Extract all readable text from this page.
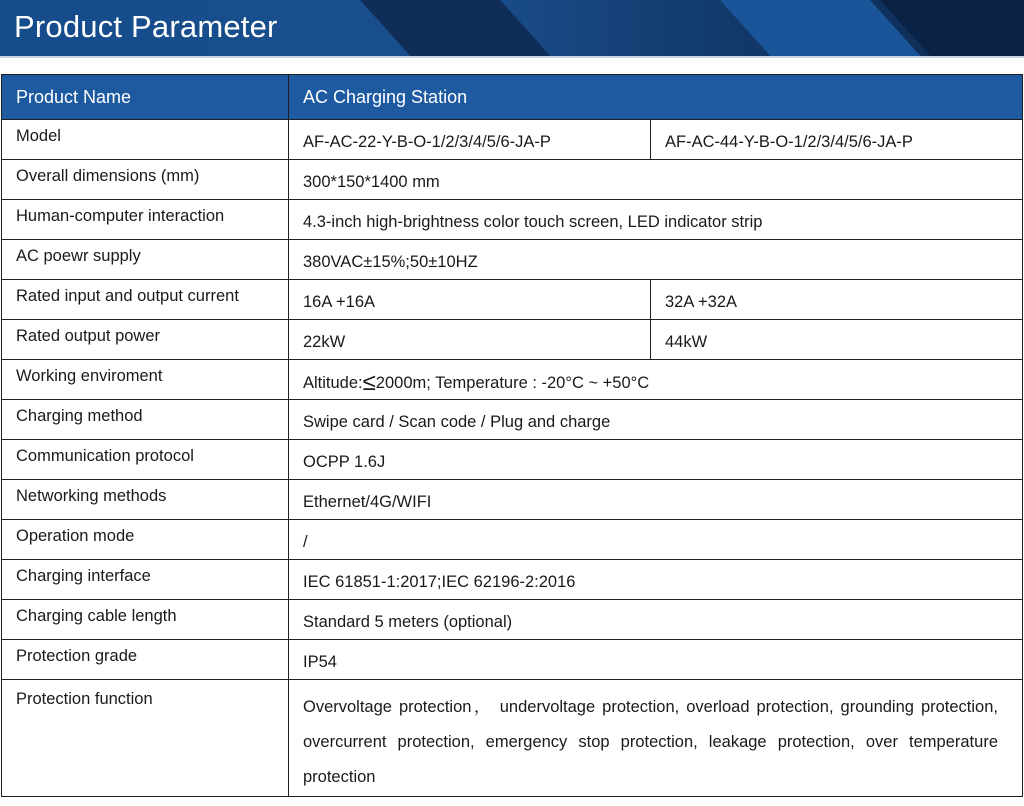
Product Parameter
Product Name	AC Charging Station	
Model	AF-AC-22-Y-B-O-1/2/3/4/5/6-JA-P	AF-AC-44-Y-B-O-1/2/3/4/5/6-JA-P
Overall dimensions (mm)	300*150*1400 mm	
Human-computer interaction	4.3-inch high-brightness color touch screen, LED indicator strip	
AC poewr supply	380VAC±15%;50±10HZ	
Rated input and output current	16A +16A	32A +32A
Rated output power	22kW	44kW
Working enviroment	Altitude:≤2000m; Temperature : -20°C ~ +50°C	
Charging method	Swipe card / Scan code / Plug and charge	
Communication protocol	OCPP 1.6J	
Networking methods	Ethernet/4G/WIFI	
Operation mode	/	
Charging interface	IEC 61851-1:2017;IEC 62196-2:2016	
Charging cable length	Standard 5 meters (optional)	
Protection grade	IP54	
Protection function	Overvoltage protection， undervoltage protection, overload protection, grounding protection, overcurrent protection, emergency stop protection, leakage protection, over temperature protection	
